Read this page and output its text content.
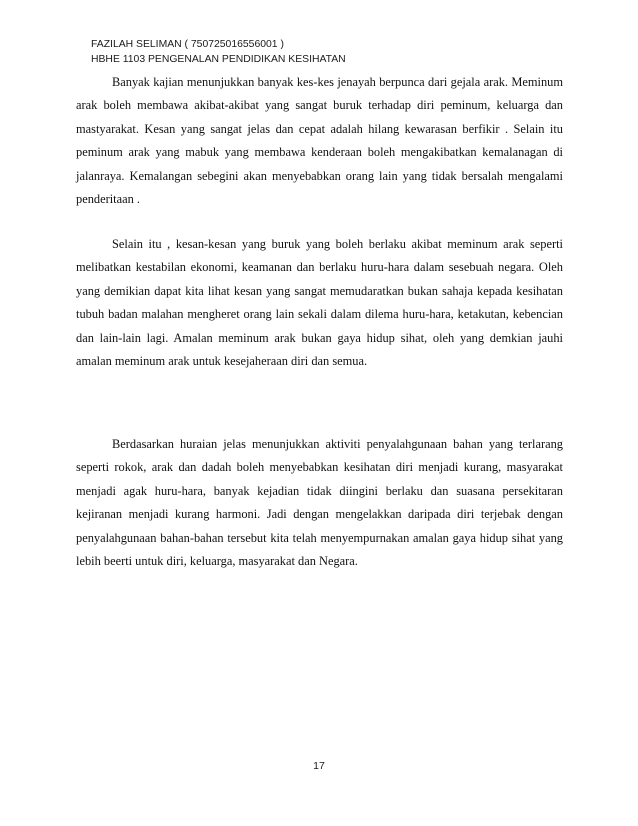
FAZILAH SELIMAN ( 750725016556001 )
HBHE 1103 PENGENALAN PENDIDIKAN KESIHATAN

Banyak kajian menunjukkan banyak kes-kes jenayah berpunca dari gejala arak. Meminum arak boleh membawa akibat-akibat yang sangat buruk terhadap diri peminum, keluarga dan mastyarakat. Kesan yang sangat jelas dan cepat adalah hilang kewarasan berfikir . Selain itu peminum arak yang mabuk yang membawa kenderaan boleh mengakibatkan kemalanagan di jalanraya. Kemalangan sebegini akan menyebabkan orang lain yang tidak bersalah mengalami penderitaan .

Selain itu , kesan-kesan yang buruk yang boleh berlaku akibat meminum arak seperti melibatkan kestabilan ekonomi, keamanan dan berlaku huru-hara dalam sesebuah negara. Oleh yang demikian dapat kita lihat kesan yang sangat memudaratkan bukan sahaja kepada kesihatan tubuh badan malahan mengheret orang lain sekali dalam dilema huru-hara, ketakutan, kebencian dan lain-lain lagi. Amalan meminum arak bukan gaya hidup sihat, oleh yang demkian jauhi amalan meminum arak untuk kesejaheraan diri dan semua.

Berdasarkan huraian jelas menunjukkan aktiviti penyalahgunaan bahan yang terlarang seperti rokok, arak dan dadah boleh menyebabkan kesihatan diri menjadi kurang, masyarakat menjadi agak huru-hara, banyak kejadian tidak diingini berlaku dan suasana persekitaran kejiranan menjadi kurang harmoni. Jadi dengan mengelakkan daripada diri terjebak dengan penyalahgunaan bahan-bahan tersebut kita telah menyempurnakan amalan gaya hidup sihat yang lebih beerti untuk diri, keluarga, masyarakat dan Negara.

17
